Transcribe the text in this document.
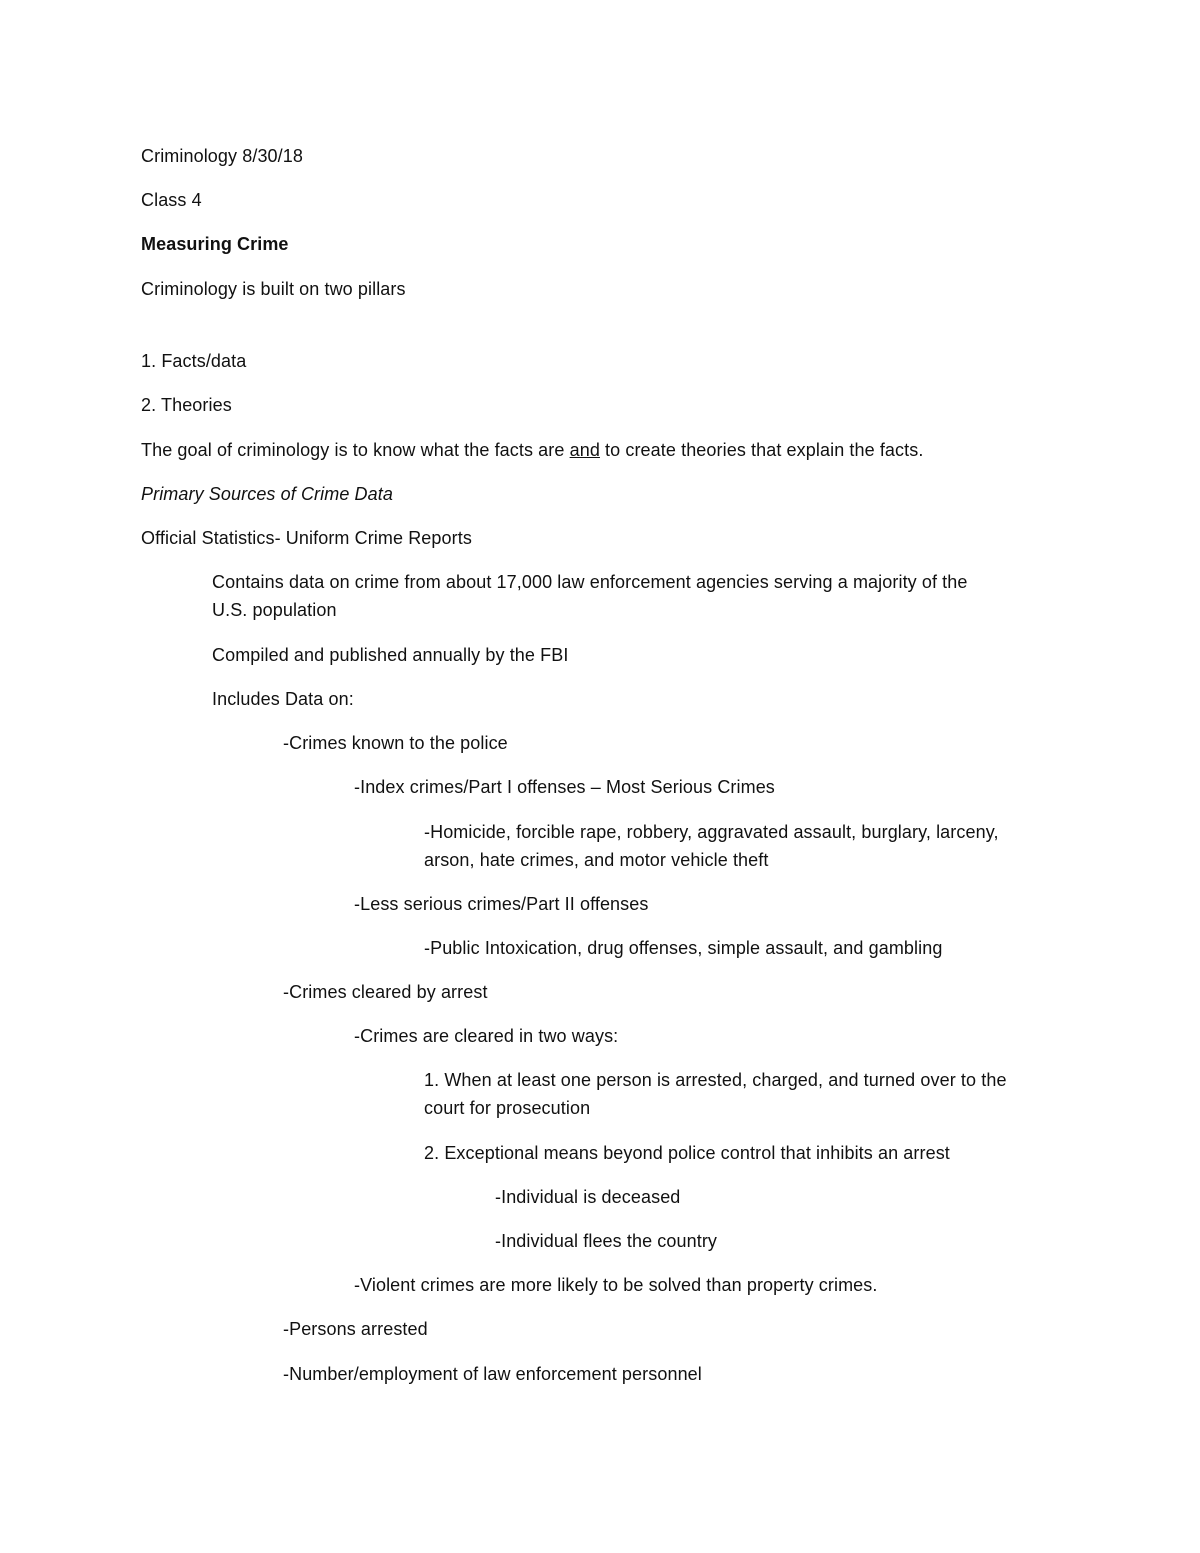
Criminology 8/30/18
Class 4
Measuring Crime
Criminology is built on two pillars
1. Facts/data
2. Theories
The goal of criminology is to know what the facts are and to create theories that explain the facts.
Primary Sources of Crime Data
Official Statistics- Uniform Crime Reports
Contains data on crime from about 17,000 law enforcement agencies serving a majority of the
U.S. population
Compiled and published annually by the FBI
Includes Data on:
-Crimes known to the police
-Index crimes/Part I offenses – Most Serious Crimes
-Homicide, forcible rape, robbery, aggravated assault, burglary, larceny,
arson, hate crimes, and motor vehicle theft
-Less serious crimes/Part II offenses
-Public Intoxication, drug offenses, simple assault, and gambling
-Crimes cleared by arrest
-Crimes are cleared in two ways:
1. When at least one person is arrested, charged, and turned over to the
court for prosecution
2. Exceptional means beyond police control that inhibits an arrest
-Individual is deceased
-Individual flees the country
-Violent crimes are more likely to be solved than property crimes.
-Persons arrested
-Number/employment of law enforcement personnel
